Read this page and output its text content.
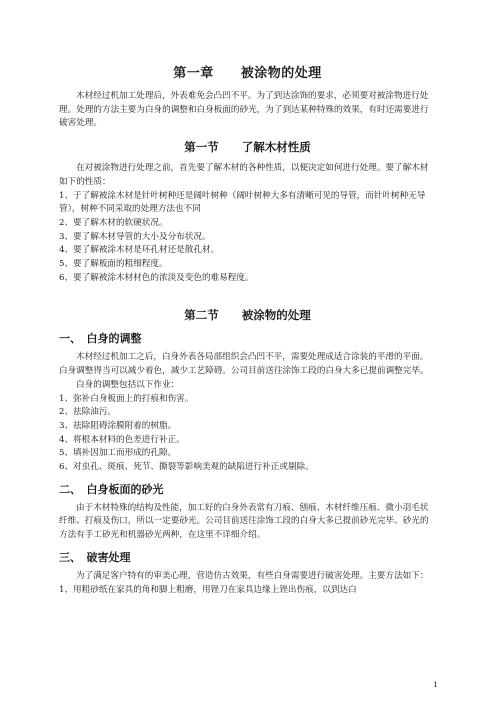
第一章　　被涂物的处理

木材经过机加工处理后，外表难免会凸凹不平。为了到达涂饰的要求，必须要对被涂物进行处理。处理的方法主要为白身的调整和白身板面的砂光，为了到达某种特殊的效果，有时还需要进行破害处理。

第一节　　了解木材性质

在对被涂物进行处理之前，首先要了解木材的各种性质，以便决定如何进行处理。要了解木材如下的性质：

1、于了解被涂木材是针叶树种还是阔叶树种（阔叶树种大多有清晰可见的导管，而针叶树种无导管），树种不同采取的处理方法也不同

2、要了解木材的软硬状况。

3、要了解木材导管的大小及分布状况。

4、要了解被涂木材是环孔材还是散孔材。

5、要了解板面的粗细程度。

6、要了解被涂木材材色的浓淡及变色的难易程度。

第二节　　被涂物的处理
一、　白身的调整

木材经过机加工之后，白身外表各局部组织会凸凹不平，需要处理成适合涂装的平滑的平面。白身调整得当可以减少着色，减少工艺障碍。公司目前送往涂饰工段的白身大多已提前调整完毕。

白身的调整包括以下作业：

1、弥补白身板面上的打痕和伤害。

2、祛除油污。

3、祛除阻碍涂膜附着的树脂。

4、将根本材料的色差进行补正。

5、填补因加工而形成的孔隙。

6、对虫孔、斑痕、死节、撕裂等影响美观的缺陷进行补正或剔除。

二、　白身板面的砂光

由于木材特殊的结构及性能，加工好的白身外表常有刀痕、刨痕、木材纤维压痕、微小羽毛状纤维、打痕及伤口，所以一定要砂光。公司目前送往涂饰工段的白身大多已提前砂光完毕。砂光的方法有手工砂光和机器砂光两种，在这里不详细介绍。

三、　破害处理

为了满足客户特有的审美心理，营造仿古效果，有些白身需要进行破害处理。主要方法如下：

1、用粗砂纸在家具的角和脚上粗磨，用锉刀在家具边缘上锉出伤痕，以到达白

1
